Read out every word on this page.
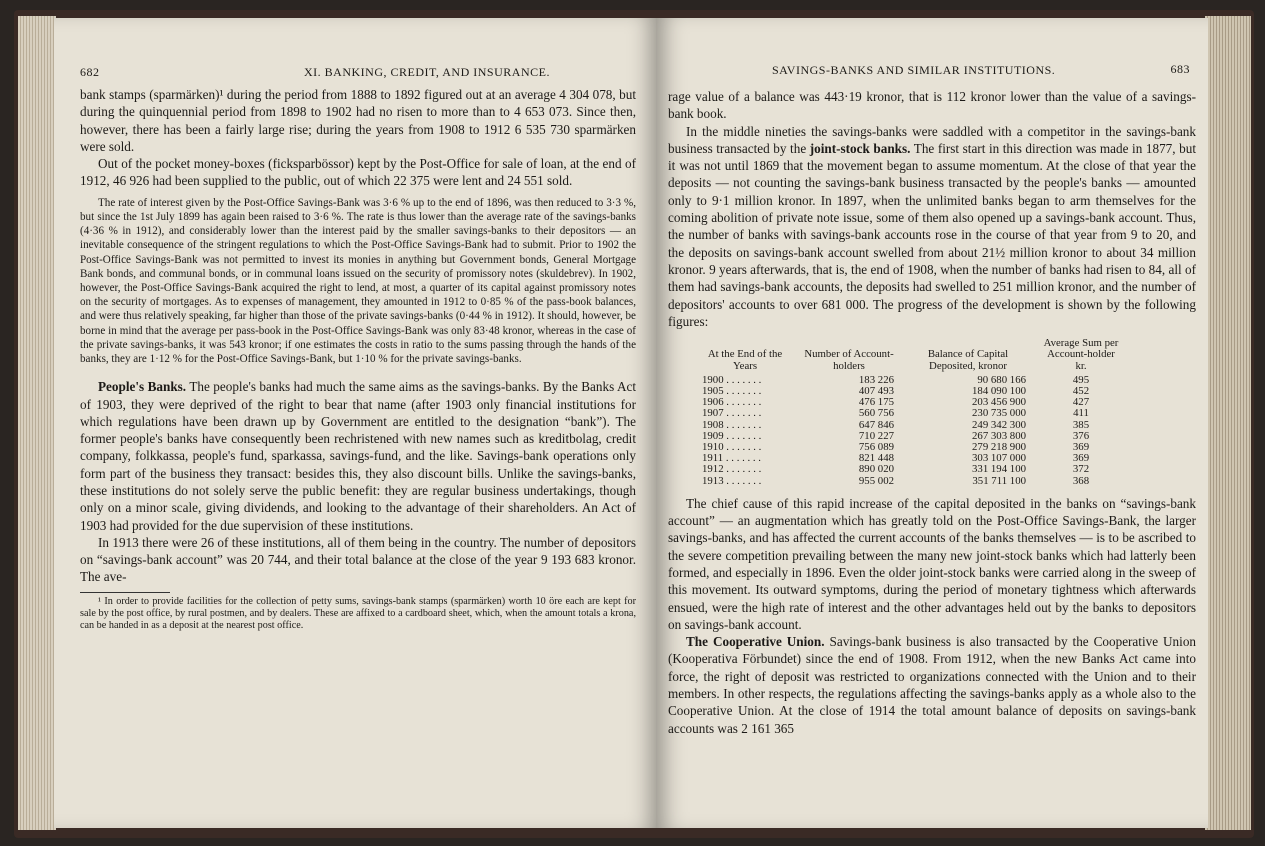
682	XI. BANKING, CREDIT, AND INSURANCE.

bank stamps (sparmärken)¹ during the period from 1888 to 1892 figured out at an average 4 304 078, but during the quinquennial period from 1898 to 1902 had no risen to more than to 4 653 073. Since then, however, there has been a fairly large rise; during the years from 1908 to 1912 6 535 730 sparmärken were sold.

Out of the pocket money-boxes (ficksparbössor) kept by the Post-Office for sale of loan, at the end of 1912, 46 926 had been supplied to the public, out of which 22 375 were lent and 24 551 sold.

The rate of interest given by the Post-Office Savings-Bank was 3·6 % up to the end of 1896, was then reduced to 3·3 %, but since the 1st July 1899 has again been raised to 3·6 %. The rate is thus lower than the average rate of the savings-banks (4·36 % in 1912), and considerably lower than the interest paid by the smaller savings-banks to their depositors — an inevitable consequence of the stringent regulations to which the Post-Office Savings-Bank had to submit. Prior to 1902 the Post-Office Savings-Bank was not permitted to invest its monies in anything but Government bonds, General Mortgage Bank bonds, and communal bonds, or in communal loans issued on the security of promissory notes (skuldebrev). In 1902, however, the Post-Office Savings-Bank acquired the right to lend, at most, a quarter of its capital against promissory notes on the security of mortgages. As to expenses of management, they amounted in 1912 to 0·85 % of the pass-book balances, and were thus relatively speaking, far higher than those of the private savings-banks (0·44 % in 1912). It should, however, be borne in mind that the average per pass-book in the Post-Office Savings-Bank was only 83·48 kronor, whereas in the case of the private savings-banks, it was 543 kronor; if one estimates the costs in ratio to the sums passing through the hands of the banks, they are 1·12 % for the Post-Office Savings-Bank, but 1·10 % for the private savings-banks.

People's Banks. The people's banks had much the same aims as the savings-banks. By the Banks Act of 1903, they were deprived of the right to bear that name (after 1903 only financial institutions for which regulations have been drawn up by Government are entitled to the designation “bank”). The former people's banks have consequently been rechristened with new names such as kreditbolag, credit company, folkkassa, people's fund, sparkassa, savings-fund, and the like. Savings-bank operations only form part of the business they transact: besides this, they also discount bills. Unlike the savings-banks, these institutions do not solely serve the public benefit: they are regular business undertakings, though only on a minor scale, giving dividends, and looking to the advantage of their shareholders. An Act of 1903 had provided for the due supervision of these institutions.

In 1913 there were 26 of these institutions, all of them being in the country. The number of depositors on “savings-bank account” was 20 744, and their total balance at the close of the year 9 193 683 kronor. The ave-

¹ In order to provide facilities for the collection of petty sums, savings-bank stamps (sparmärken) worth 10 öre each are kept for sale by the post office, by rural postmen, and by dealers. These are affixed to a cardboard sheet, which, when the amount totals a krona, can be handed in as a deposit at the nearest post office.

SAVINGS-BANKS AND SIMILAR INSTITUTIONS.	683

rage value of a balance was 443·19 kronor, that is 112 kronor lower than the value of a savings-bank book.

In the middle nineties the savings-banks were saddled with a competitor in the savings-bank business transacted by the joint-stock banks. The first start in this direction was made in 1877, but it was not until 1869 that the movement began to assume momentum. At the close of that year the deposits — not counting the savings-bank business transacted by the people's banks — amounted only to 9·1 million kronor. In 1897, when the unlimited banks began to arm themselves for the coming abolition of private note issue, some of them also opened up a savings-bank account. Thus, the number of banks with savings-bank accounts rose in the course of that year from 9 to 20, and the deposits on savings-bank account swelled from about 21½ million kronor to about 34 million kronor. 9 years afterwards, that is, the end of 1908, when the number of banks had risen to 84, all of them had savings-bank accounts, the deposits had swelled to 251 million kronor, and the number of depositors' accounts to over 681 000. The progress of the development is shown by the following figures:

At the End of the Years	Number of Account-holders	Balance of Capital Deposited, kronor	Average Sum per Account-holder kr.
1900 . . . . . . .	183 226	90 680 166	495
1905 . . . . . . .	407 493	184 090 100	452
1906 . . . . . . .	476 175	203 456 900	427
1907 . . . . . . .	560 756	230 735 000	411
1908 . . . . . . .	647 846	249 342 300	385
1909 . . . . . . .	710 227	267 303 800	376
1910 . . . . . . .	756 089	279 218 900	369
1911 . . . . . . .	821 448	303 107 000	369
1912 . . . . . . .	890 020	331 194 100	372
1913 . . . . . . .	955 002	351 711 100	368

The chief cause of this rapid increase of the capital deposited in the banks on “savings-bank account” — an augmentation which has greatly told on the Post-Office Savings-Bank, the larger savings-banks, and has affected the current accounts of the banks themselves — is to be ascribed to the severe competition prevailing between the many new joint-stock banks which had latterly been formed, and especially in 1896. Even the older joint-stock banks were carried along in the sweep of this movement. Its outward symptoms, during the period of monetary tightness which afterwards ensued, were the high rate of interest and the other advantages held out by the banks to depositors on savings-bank account.

The Cooperative Union. Savings-bank business is also transacted by the Cooperative Union (Kooperativa Förbundet) since the end of 1908. From 1912, when the new Banks Act came into force, the right of deposit was restricted to organizations connected with the Union and to their members. In other respects, the regulations affecting the savings-banks apply as a whole also to the Cooperative Union. At the close of 1914 the total amount balance of deposits on savings-bank accounts was 2 161 365
